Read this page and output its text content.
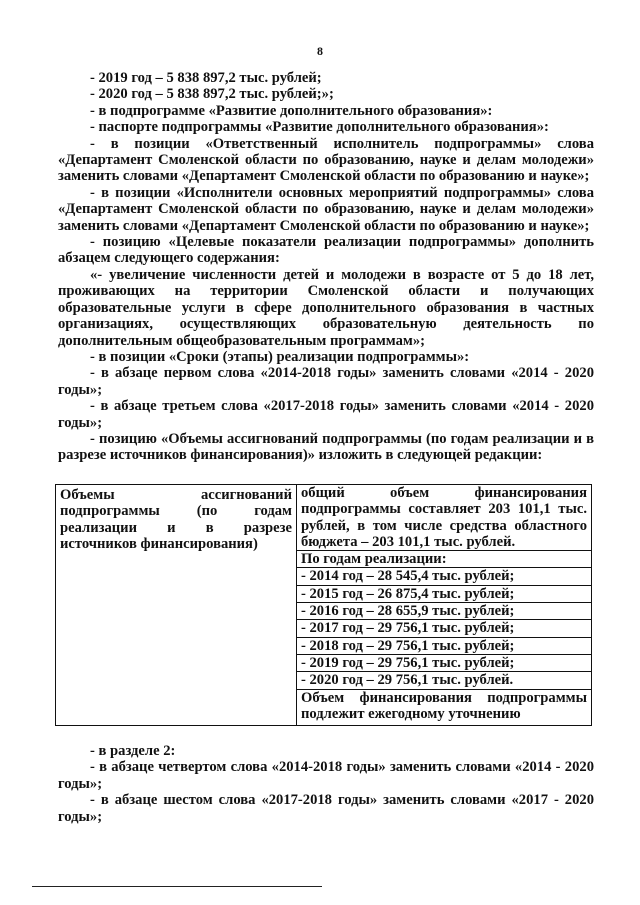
8

- 2019 год – 5 838 897,2 тыс. рублей;

- 2020 год – 5 838 897,2 тыс. рублей;»;

- в подпрограмме «Развитие дополнительного образования»:

- паспорте подпрограммы «Развитие дополнительного образования»:

- в позиции «Ответственный исполнитель подпрограммы» слова «Департамент Смоленской области по образованию, науке и делам молодежи» заменить словами «Департамент Смоленской области по образованию и науке»;

- в позиции «Исполнители основных мероприятий подпрограммы» слова «Департамент Смоленской области по образованию, науке и делам молодежи» заменить словами «Департамент Смоленской области по образованию и науке»;

- позицию «Целевые показатели реализации подпрограммы» дополнить абзацем следующего содержания:

«- увеличение численности детей и молодежи в возрасте от 5 до 18 лет, проживающих на территории Смоленской области и получающих образовательные услуги в сфере дополнительного образования в частных организациях, осуществляющих образовательную деятельность по дополнительным общеобразовательным программам»;

- в позиции «Сроки (этапы) реализации подпрограммы»:

- в абзаце первом слова «2014-2018 годы» заменить словами «2014 - 2020 годы»;

- в абзаце третьем слова «2017-2018 годы» заменить словами «2014 - 2020 годы»;

- позицию «Объемы ассигнований подпрограммы (по годам реализации и в разрезе источников финансирования)» изложить в следующей редакции:

Объемы ассигнований подпрограммы (по годам реализации и в разрезе источников финансирования)

общий объем финансирования подпрограммы составляет 203 101,1 тыс. рублей, в том числе средства областного бюджета – 203 101,1 тыс. рублей.

По годам реализации:

- 2014 год – 28 545,4 тыс. рублей;

- 2015 год – 26 875,4 тыс. рублей;

- 2016 год – 28 655,9 тыс. рублей;

- 2017 год – 29 756,1 тыс. рублей;

- 2018 год – 29 756,1 тыс. рублей;

- 2019 год – 29 756,1 тыс. рублей;

- 2020 год – 29 756,1 тыс. рублей.

Объем финансирования подпрограммы подлежит ежегодному уточнению

- в разделе 2:

- в абзаце четвертом слова «2014-2018 годы» заменить словами «2014 - 2020 годы»;

- в абзаце шестом слова «2017-2018 годы» заменить словами «2017 - 2020 годы»;
